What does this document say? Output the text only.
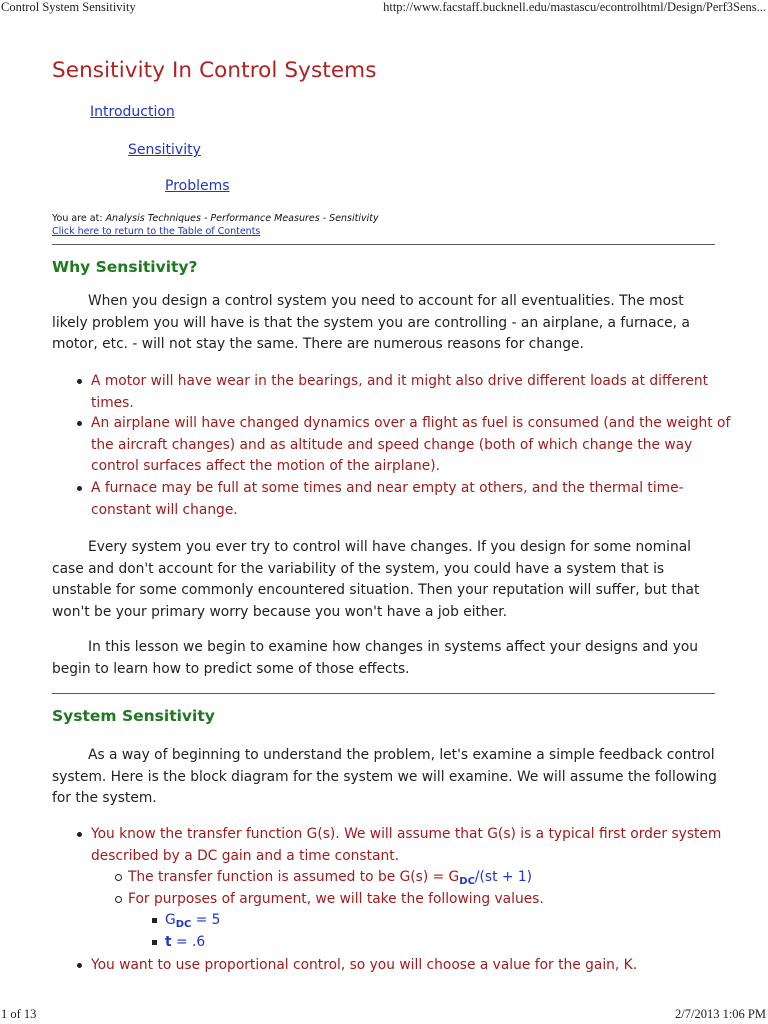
Control System Sensitivity	http://www.facstaff.bucknell.edu/mastascu/econtrolhtml/Design/Perf3Sens...
Sensitivity In Control Systems
Introduction
Sensitivity
Problems
You are at: Analysis Techniques - Performance Measures - Sensitivity
Click here to return to the Table of Contents
Why Sensitivity?

When you design a control system you need to account for all eventualities. The most likely problem you will have is that the system you are controlling - an airplane, a furnace, a motor, etc. - will not stay the same. There are numerous reasons for change.

A motor will have wear in the bearings, and it might also drive different loads at different times.
An airplane will have changed dynamics over a flight as fuel is consumed (and the weight of the aircraft changes) and as altitude and speed change (both of which change the way control surfaces affect the motion of the airplane).
A furnace may be full at some times and near empty at others, and the thermal time-constant will change.

Every system you ever try to control will have changes. If you design for some nominal case and don't account for the variability of the system, you could have a system that is unstable for some commonly encountered situation. Then your reputation will suffer, but that won't be your primary worry because you won't have a job either.

In this lesson we begin to examine how changes in systems affect your designs and you begin to learn how to predict some of those effects.

System Sensitivity

As a way of beginning to understand the problem, let's examine a simple feedback control system. Here is the block diagram for the system we will examine. We will assume the following for the system.

You know the transfer function G(s). We will assume that G(s) is a typical first order system described by a DC gain and a time constant.
The transfer function is assumed to be $G(s) = G_{DC}/(st + 1)$
For purposes of argument, we will take the following values.
$G_{DC} = 5$
t = .6
You want to use proportional control, so you will choose a value for the gain, K.
1 of 13	2/7/2013 1:06 PM
